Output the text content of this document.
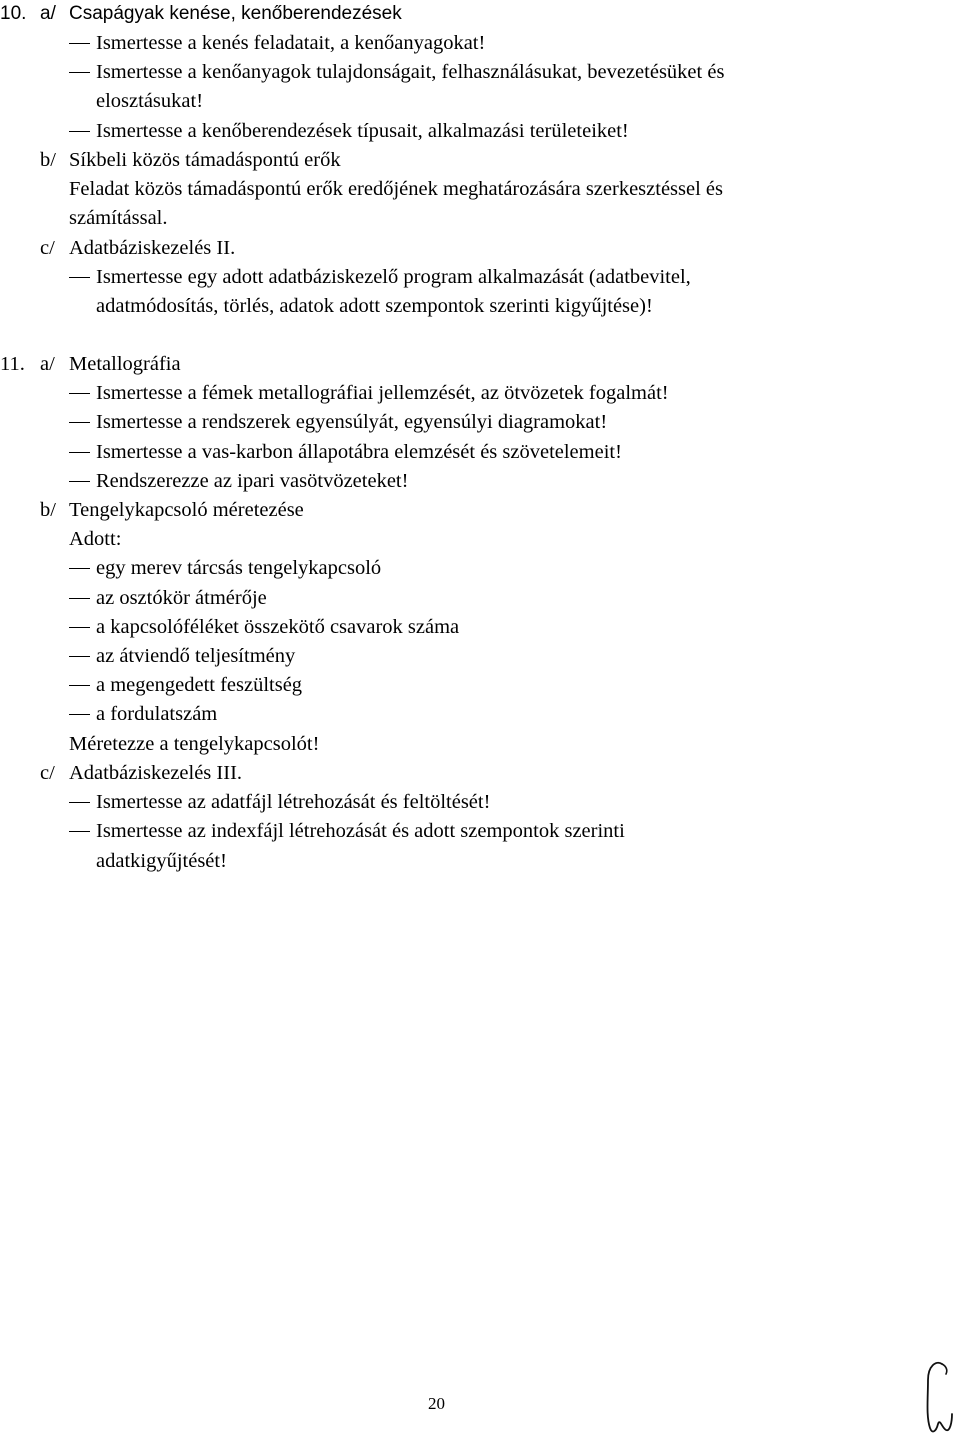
10. a/ Csapágyak kenése, kenőberendezések
Ismertesse a kenés feladatait, a kenőanyagokat!
Ismertesse a kenőanyagok tulajdonságait, felhasználásukat, bevezetésüket és
elosztásukat!
Ismertesse a kenőberendezések típusait, alkalmazási területeiket!
b/ Síkbeli közös támadáspontú erők
Feladat közös támadáspontú erők eredőjének meghatározására szerkesztéssel és
számítással.
c/ Adatbáziskezelés II.
Ismertesse egy adott adatbáziskezelő program alkalmazását (adatbevitel,
adatmódosítás, törlés, adatok adott szempontok szerinti kigyűjtése)!
11. a/ Metallográfia
Ismertesse a fémek metallográfiai jellemzését, az ötvözetek fogalmát!
Ismertesse a rendszerek egyensúlyát, egyensúlyi diagramokat!
Ismertesse a vas-karbon állapotábra elemzését és szövetelemeit!
Rendszerezze az ipari vasötvözeteket!
b/ Tengelykapcsoló méretezése
Adott:
egy merev tárcsás tengelykapcsoló
az osztókör átmérője
a kapcsolóféléket összekötő csavarok száma
az átviendő teljesítmény
a megengedett feszültség
a fordulatszám
Méretezze a tengelykapcsolót!
c/ Adatbáziskezelés III.
Ismertesse az adatfájl létrehozását és feltöltését!
Ismertesse az indexfájl létrehozását és adott szempontok szerinti
adatkigyűjtését!
20
